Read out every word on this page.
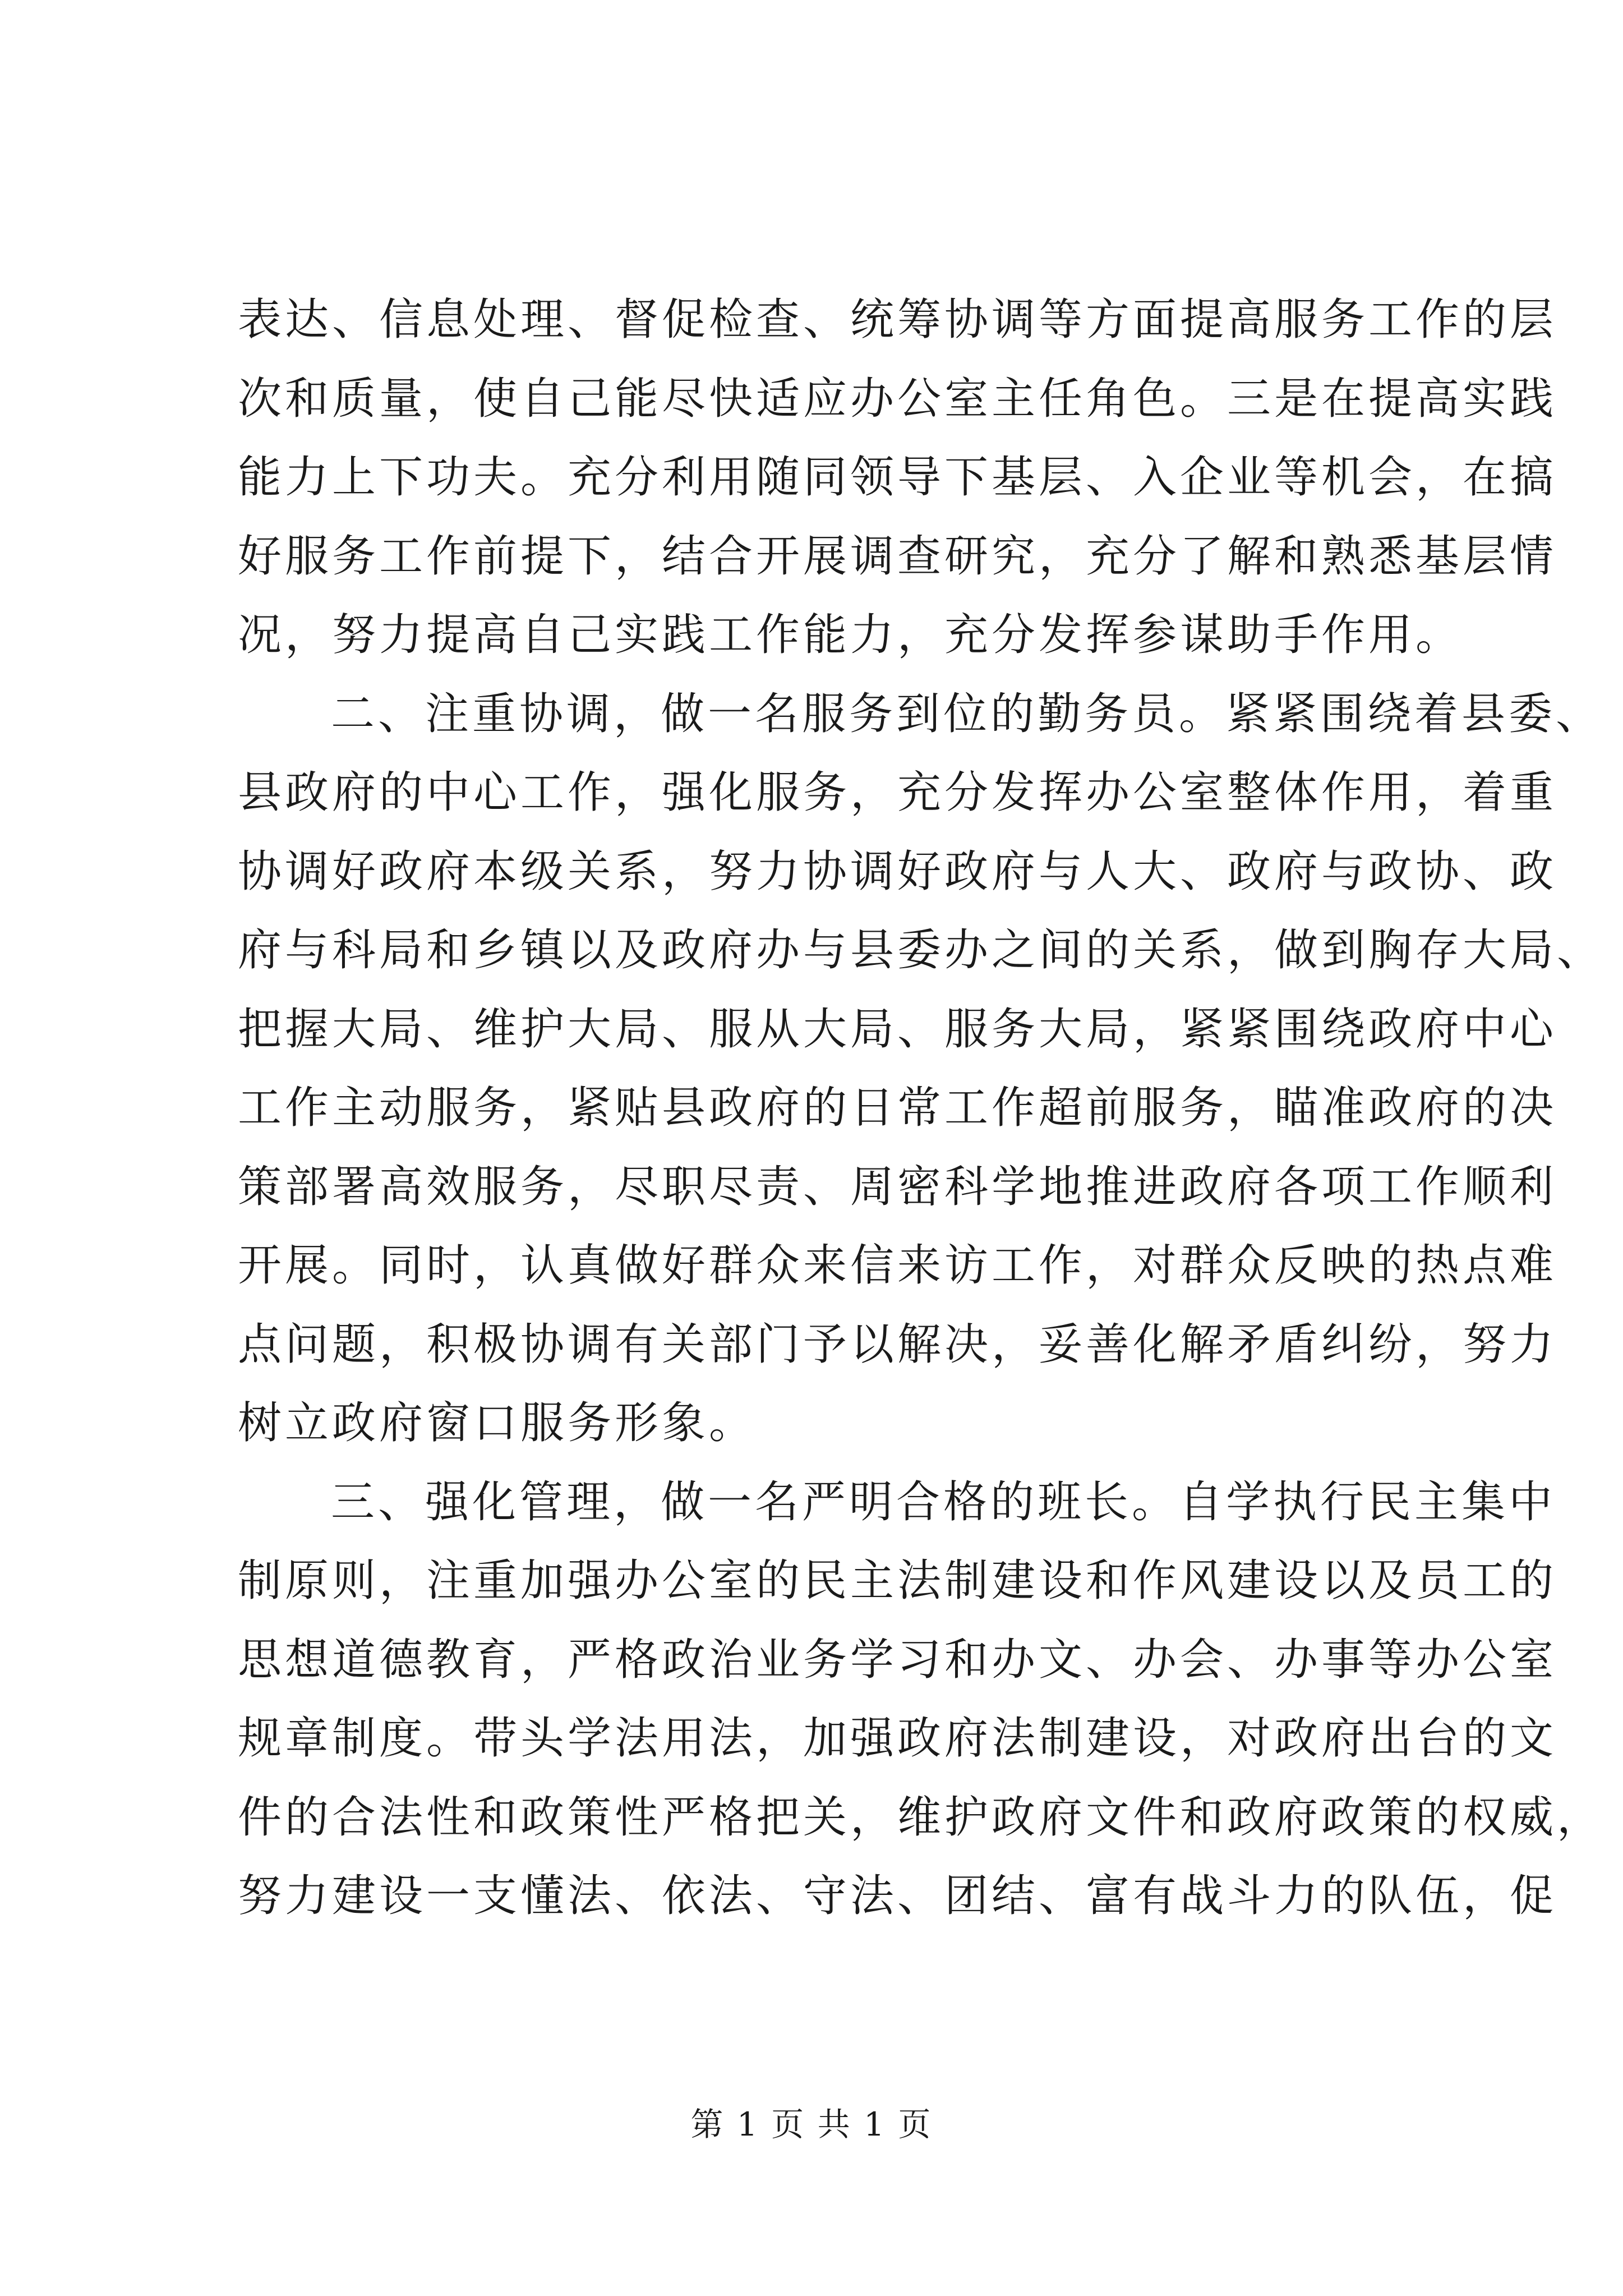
表达、信息处理、督促检查、统筹协调等方面提高服务工作的层
次和质量，使自己能尽快适应办公室主任角色。三是在提高实践
能力上下功夫。充分利用随同领导下基层、入企业等机会，在搞
好服务工作前提下，结合开展调查研究，充分了解和熟悉基层情
况，努力提高自己实践工作能力，充分发挥参谋助手作用。
二、注重协调，做一名服务到位的勤务员。紧紧围绕着县委、
县政府的中心工作，强化服务，充分发挥办公室整体作用，着重
协调好政府本级关系，努力协调好政府与人大、政府与政协、政
府与科局和乡镇以及政府办与县委办之间的关系，做到胸存大局、
把握大局、维护大局、服从大局、服务大局，紧紧围绕政府中心
工作主动服务，紧贴县政府的日常工作超前服务，瞄准政府的决
策部署高效服务，尽职尽责、周密科学地推进政府各项工作顺利
开展。同时，认真做好群众来信来访工作，对群众反映的热点难
点问题，积极协调有关部门予以解决，妥善化解矛盾纠纷，努力
树立政府窗口服务形象。
三、强化管理，做一名严明合格的班长。自学执行民主集中
制原则，注重加强办公室的民主法制建设和作风建设以及员工的
思想道德教育，严格政治业务学习和办文、办会、办事等办公室
规章制度。带头学法用法，加强政府法制建设，对政府出台的文
件的合法性和政策性严格把关，维护政府文件和政府政策的权威，
努力建设一支懂法、依法、守法、团结、富有战斗力的队伍，促
第 1 页 共 1 页
